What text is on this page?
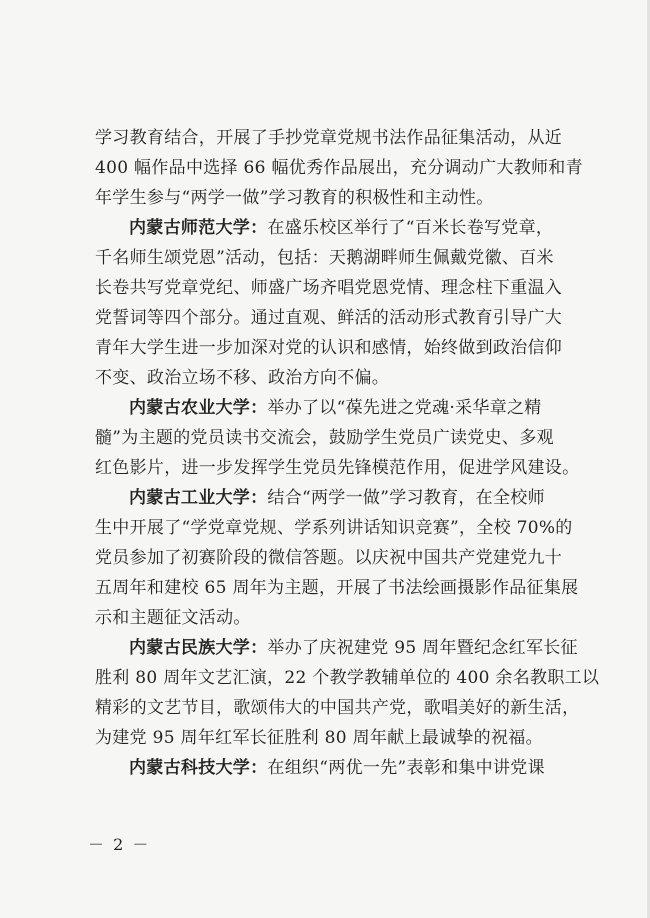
学习教育结合，开展了手抄党章党规书法作品征集活动，从近
400 幅作品中选择 66 幅优秀作品展出，充分调动广大教师和青
年学生参与“两学一做”学习教育的积极性和主动性。
内蒙古师范大学：在盛乐校区举行了“百米长卷写党章，
千名师生颂党恩”活动，包括：天鹅湖畔师生佩戴党徽、百米
长卷共写党章党纪、师盛广场齐唱党恩党情、理念柱下重温入
党誓词等四个部分。通过直观、鲜活的活动形式教育引导广大
青年大学生进一步加深对党的认识和感情，始终做到政治信仰
不变、政治立场不移、政治方向不偏。
内蒙古农业大学：举办了以“葆先进之党魂·采华章之精
髓”为主题的党员读书交流会，鼓励学生党员广读党史、多观
红色影片，进一步发挥学生党员先锋模范作用，促进学风建设。
内蒙古工业大学：结合“两学一做”学习教育，在全校师
生中开展了“学党章党规、学系列讲话知识竞赛”，全校 70%的
党员参加了初赛阶段的微信答题。以庆祝中国共产党建党九十
五周年和建校 65 周年为主题，开展了书法绘画摄影作品征集展
示和主题征文活动。
内蒙古民族大学：举办了庆祝建党 95 周年暨纪念红军长征
胜利 80 周年文艺汇演，22 个教学教辅单位的 400 余名教职工以
精彩的文艺节目，歌颂伟大的中国共产党，歌唱美好的新生活，
为建党 95 周年红军长征胜利 80 周年献上最诚挚的祝福。
内蒙古科技大学：在组织“两优一先”表彰和集中讲党课
－ 2 －
